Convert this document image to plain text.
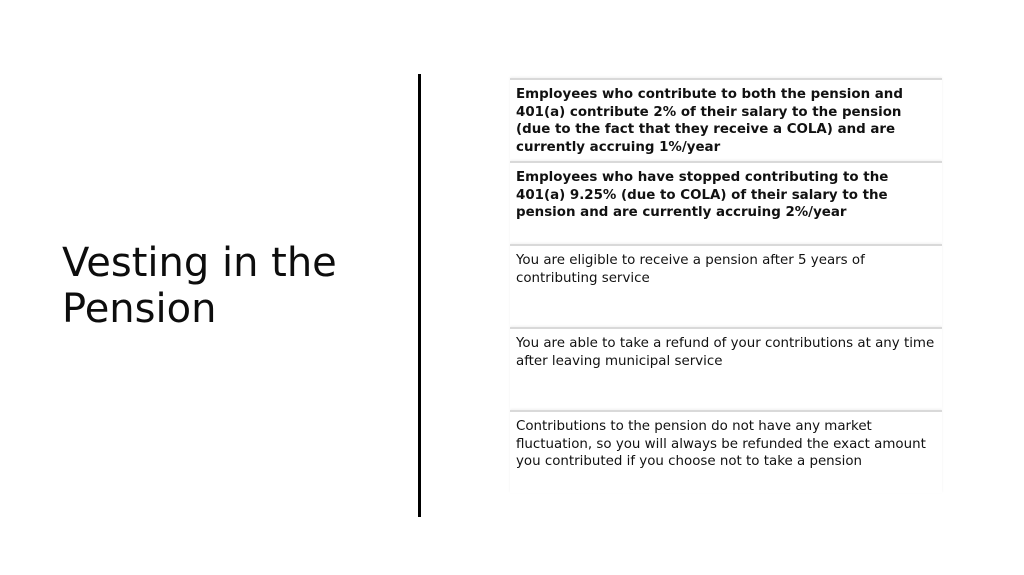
Vesting in the
Pension
Employees who contribute to both the pension and 401(a) contribute 2% of their salary to the pension (due to the fact that they receive a COLA) and are currently accruing 1%/year
Employees who have stopped contributing to the 401(a) 9.25% (due to COLA) of their salary to the pension and are currently accruing 2%/year
You are eligible to receive a pension after 5 years of contributing service
You are able to take a refund of your contributions at any time after leaving municipal service
Contributions to the pension do not have any market fluctuation, so you will always be refunded the exact amount you contributed if you choose not to take a pension
